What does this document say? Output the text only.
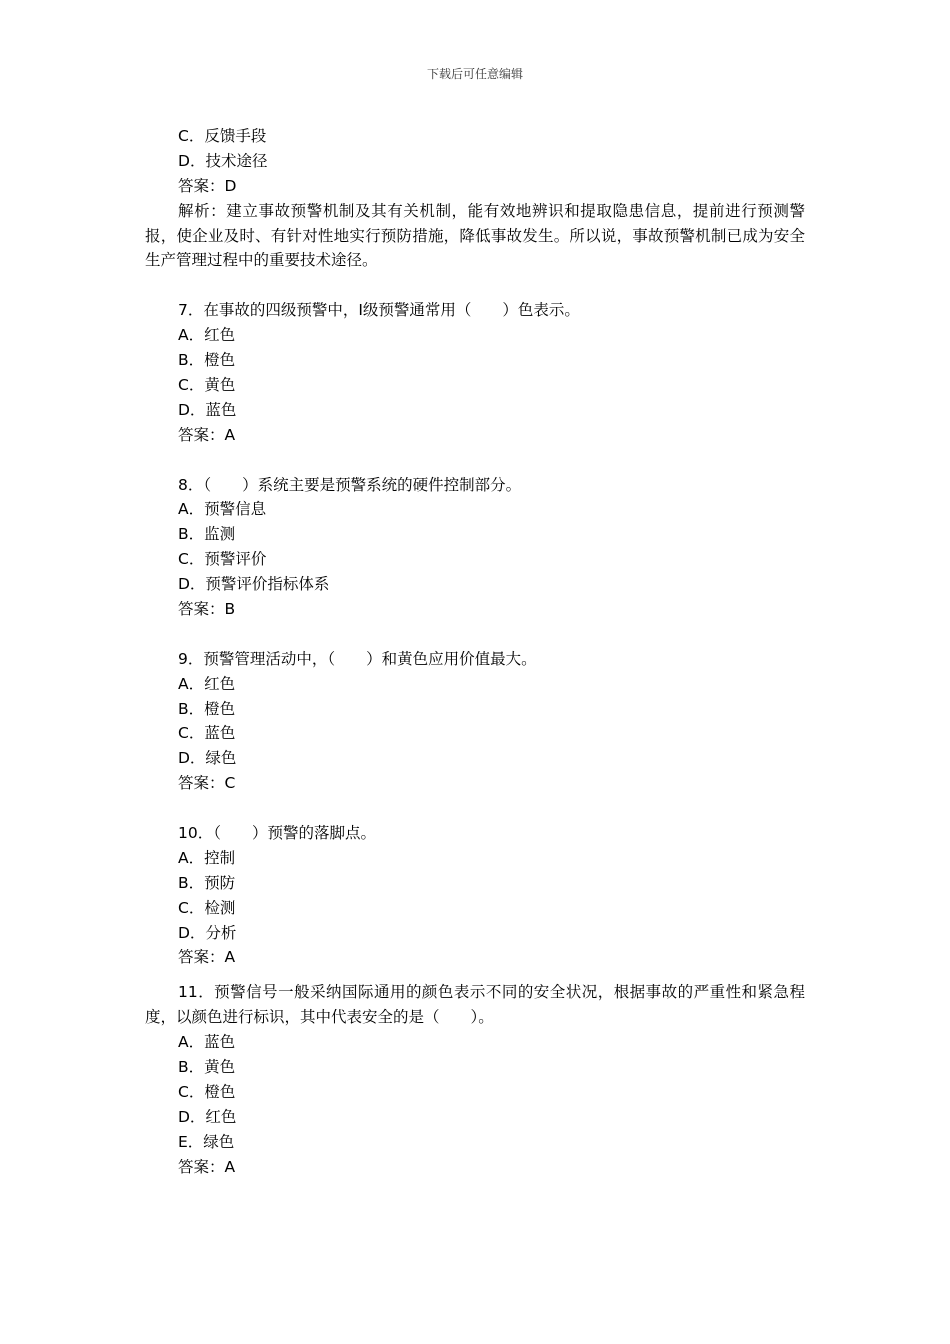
下载后可任意编辑
C．反馈手段
D．技术途径
答案：D
解析：建立事故预警机制及其有关机制，能有效地辨识和提取隐患信息，提前进行预测警报，使企业及时、有针对性地实行预防措施，降低事故发生。所以说，事故预警机制已成为安全生产管理过程中的重要技术途径。
7．在事故的四级预警中，Ⅰ级预警通常用（　　）色表示。
A．红色
B．橙色
C．黄色
D．蓝色
答案：A
8．（　　）系统主要是预警系统的硬件控制部分。
A．预警信息
B．监测
C．预警评价
D．预警评价指标体系
答案：B
9．预警管理活动中，（　　）和黄色应用价值最大。
A．红色
B．橙色
C．蓝色
D．绿色
答案：C
10．（　　）预警的落脚点。
A．控制
B．预防
C．检测
D．分析
答案：A
11．预警信号一般采纳国际通用的颜色表示不同的安全状况，根据事故的严重性和紧急程度，以颜色进行标识，其中代表安全的是（　　）。
A．蓝色
B．黄色
C．橙色
D．红色
E．绿色
答案：A
